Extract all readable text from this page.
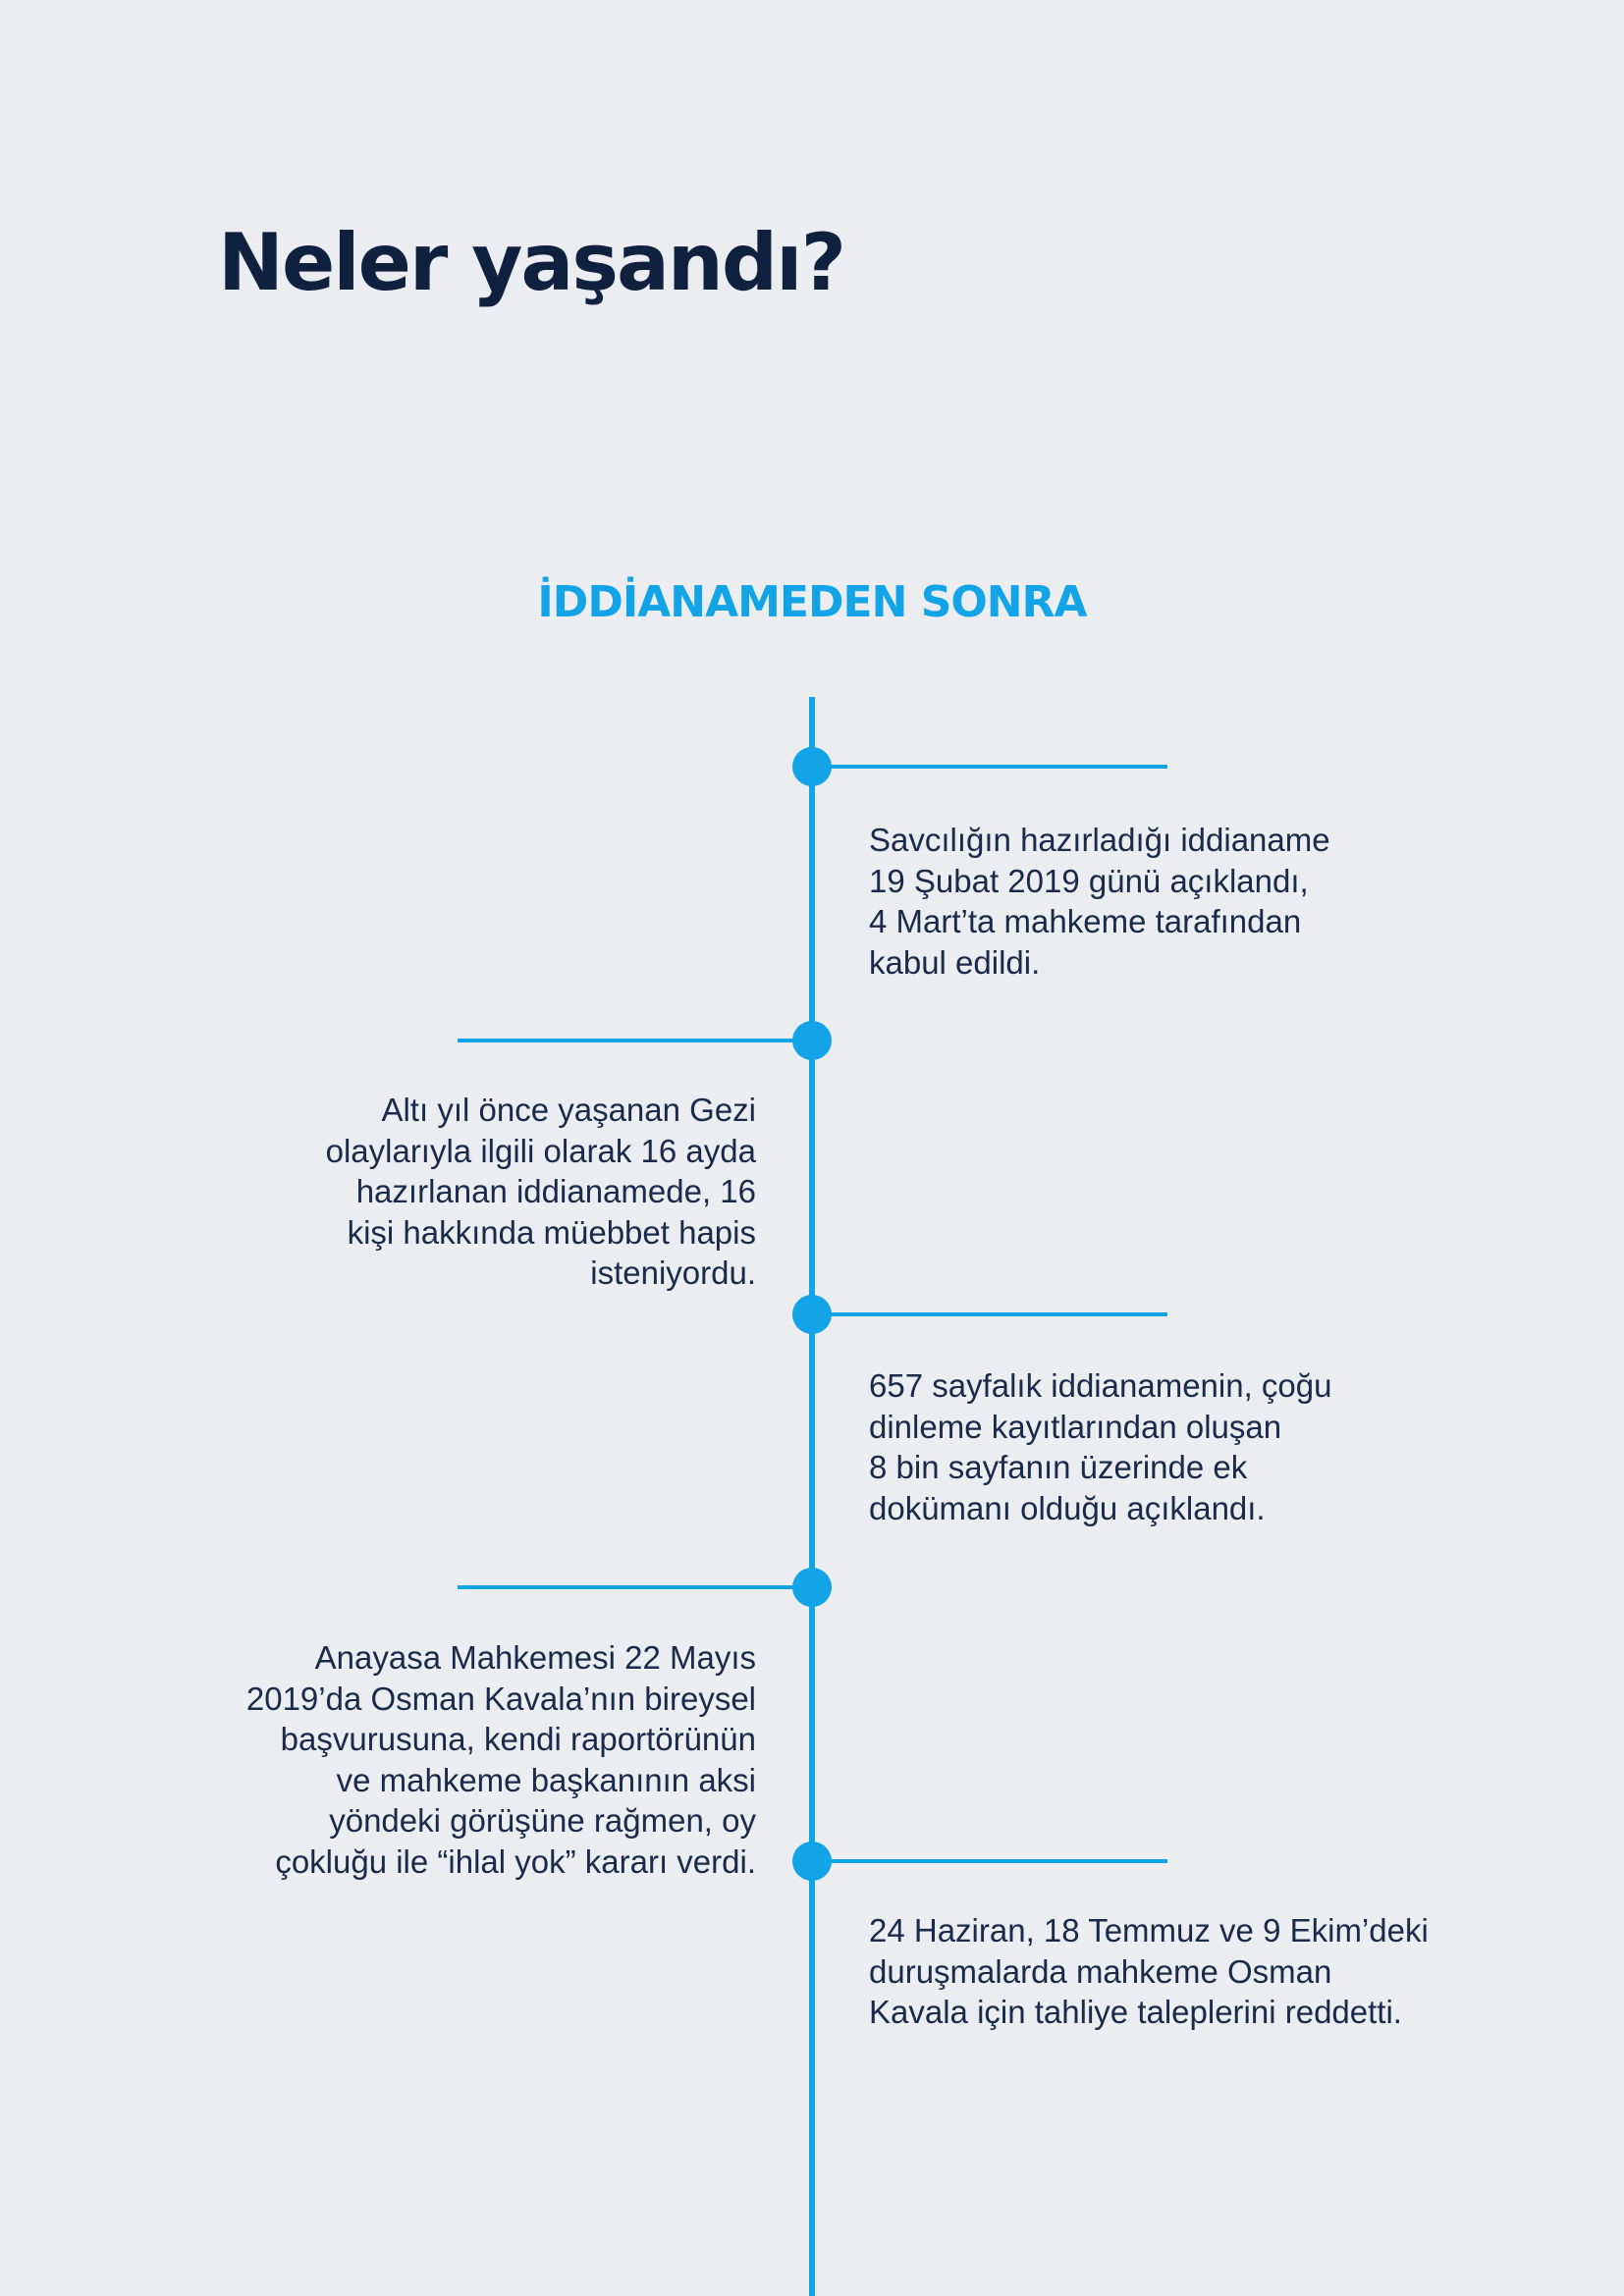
Neler yaşandı?
İDDİANAMEDEN SONRA

Savcılığın hazırladığı iddianame
19 Şubat 2019 günü açıklandı,
4 Mart’ta mahkeme tarafından
kabul edildi.

Altı yıl önce yaşanan Gezi
olaylarıyla ilgili olarak 16 ayda
hazırlanan iddianamede, 16
kişi hakkında müebbet hapis
isteniyordu.

657 sayfalık iddianamenin, çoğu
dinleme kayıtlarından oluşan
8 bin sayfanın üzerinde ek
dokümanı olduğu açıklandı.

Anayasa Mahkemesi 22 Mayıs
2019’da Osman Kavala’nın bireysel
başvurusuna, kendi raportörünün
ve mahkeme başkanının aksi
yöndeki görüşüne rağmen, oy
çokluğu ile “ihlal yok” kararı verdi.

24 Haziran, 18 Temmuz ve 9 Ekim’deki
duruşmalarda mahkeme Osman
Kavala için tahliye taleplerini reddetti.
